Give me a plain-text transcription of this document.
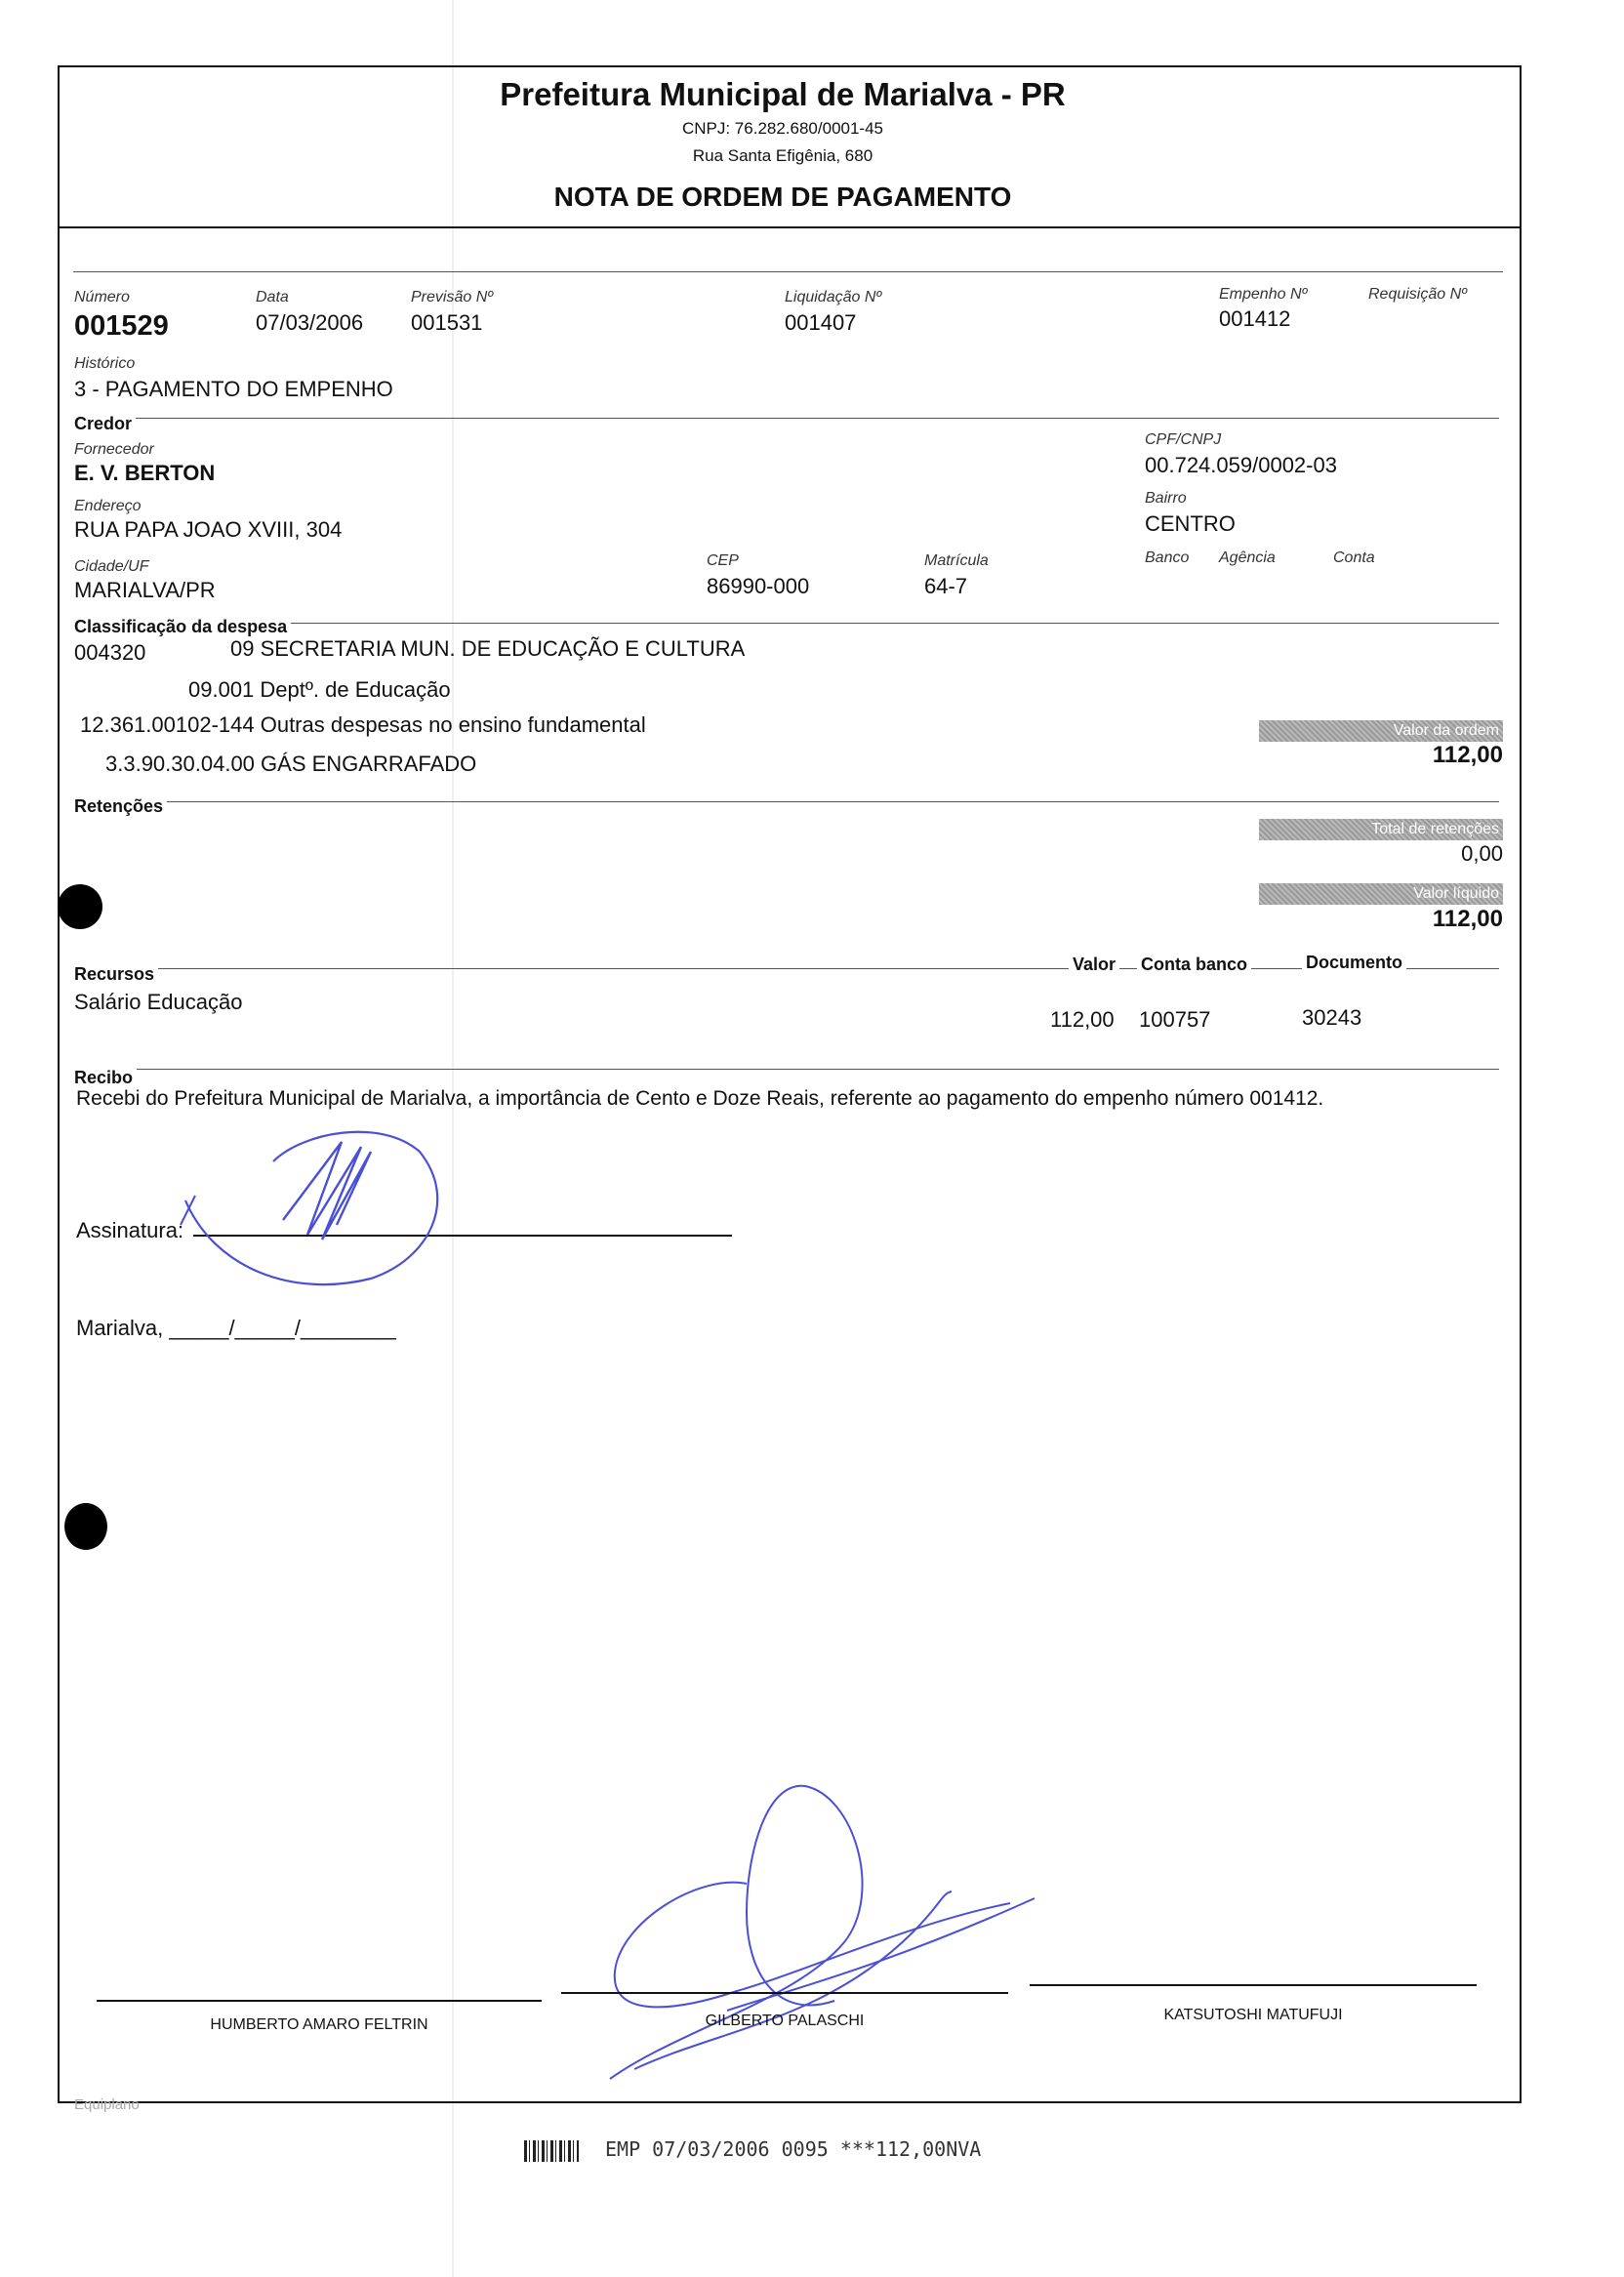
Prefeitura Municipal de Marialva - PR
CNPJ: 76.282.680/0001-45
Rua Santa Efigênia, 680
NOTA DE ORDEM DE PAGAMENTO
Número
001529
Data
07/03/2006
Previsão Nº
001531
Liquidação Nº
001407
Empenho Nº
001412
Requisição Nº
Histórico
3 - PAGAMENTO DO EMPENHO
Credor
Fornecedor
E. V. BERTON
CPF/CNPJ
00.724.059/0002-03
Endereço
RUA PAPA JOAO XVIII, 304
Bairro
CENTRO
Cidade/UF
MARIALVA/PR
CEP
86990-000
Matrícula
64-7
Banco Agência	Conta
Classificação da despesa
004320	09 SECRETARIA MUN. DE EDUCAÇÃO E CULTURA
09.001 Deptº. de Educação
12.361.00102-144 Outras despesas no ensino fundamental
3.3.90.30.04.00 GÁS ENGARRAFADO
Valor da ordem
112,00
Retenções
Total de retenções
0,00
Valor líquido
112,00
Recursos	Valor Conta banco	Documento
Salário Educação
112,00 100757	30243
Recibo
Recebi do Prefeitura Municipal de Marialva, a importância de Cento e Doze Reais, referente ao pagamento do empenho número 001412.
Assinatura:
Marialva, _____/_____/________
HUMBERTO AMARO FELTRIN	GILBERTO PALASCHI	KATSUTOSHI MATUFUJI
Equiplano
EMP 07/03/2006 0095 ***112,00NVA
